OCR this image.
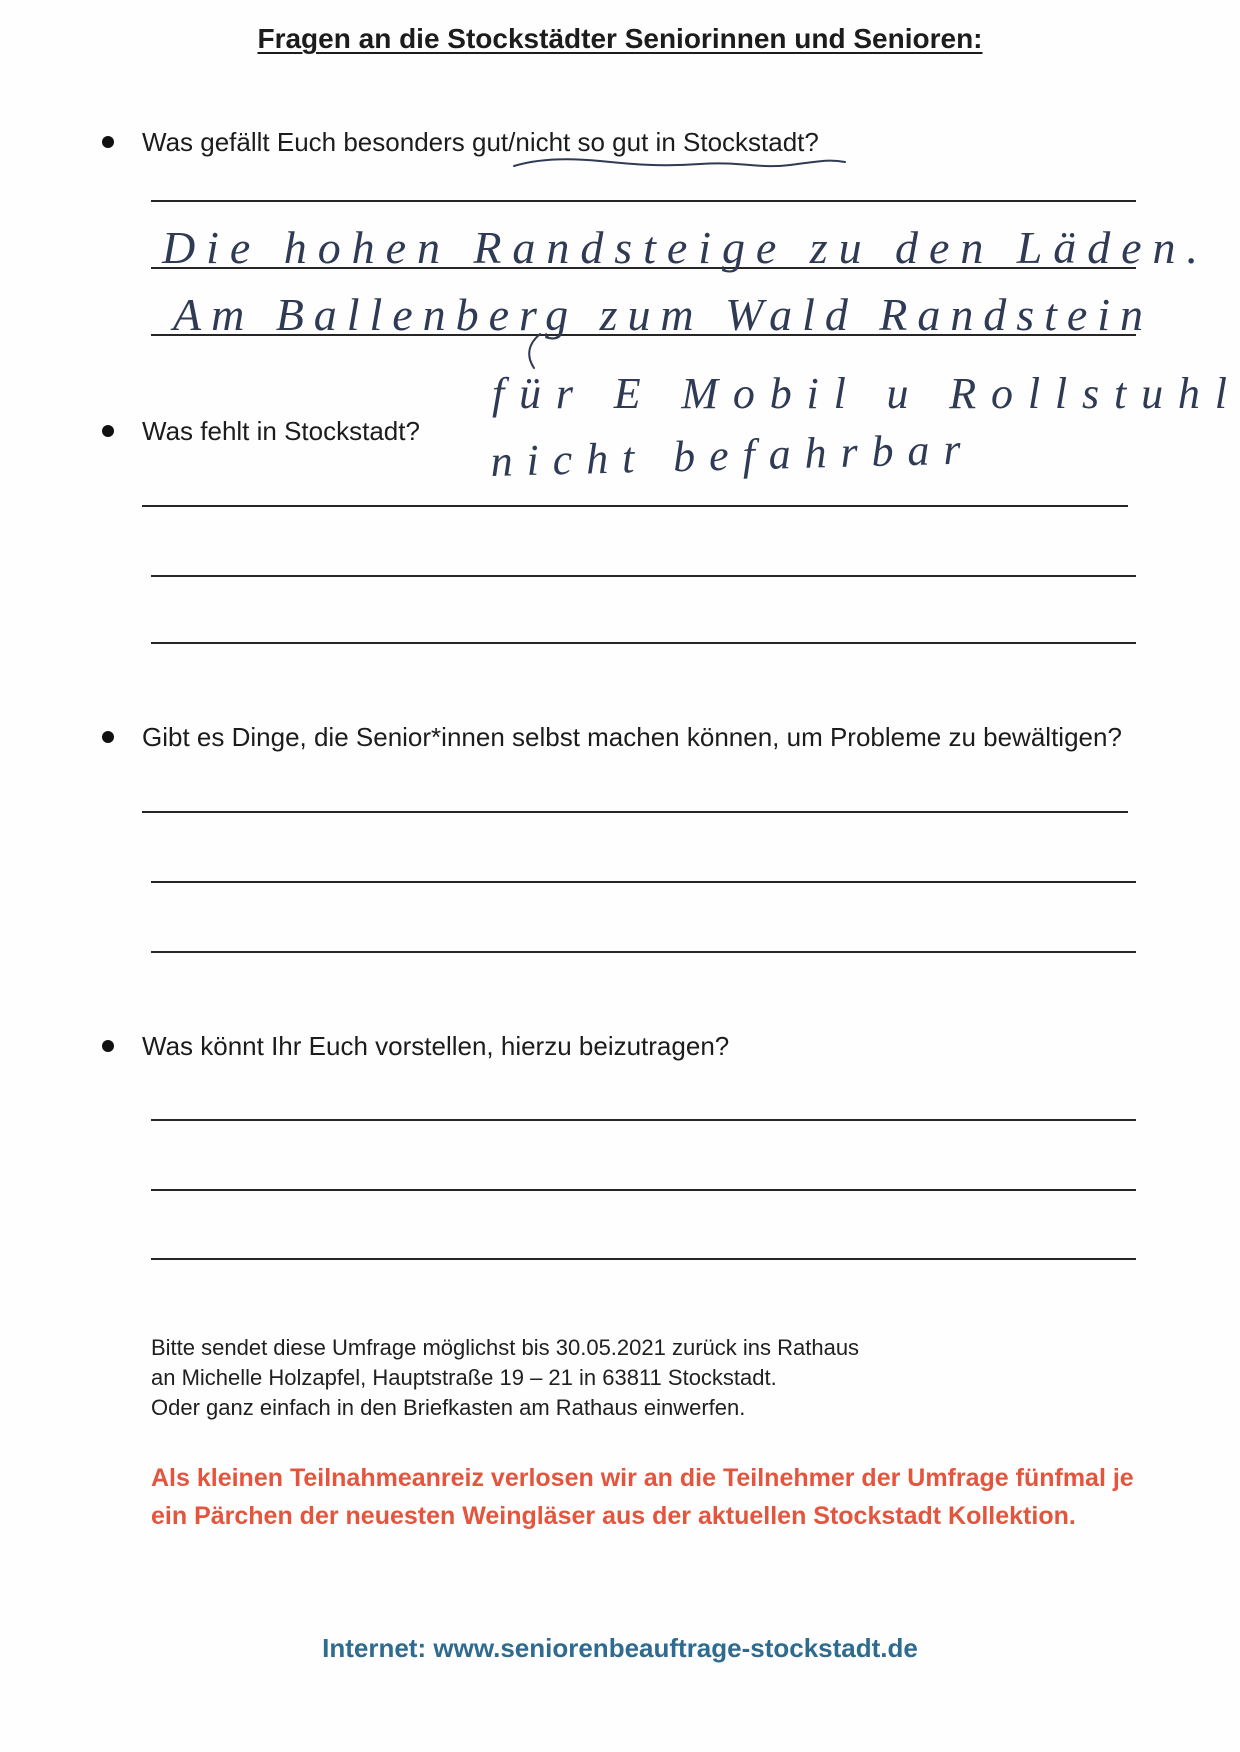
Fragen an die Stockstädter Seniorinnen und Senioren:
Was gefällt Euch besonders gut/nicht so gut in Stockstadt?
Was fehlt in Stockstadt?
Gibt es Dinge, die Senior*innen selbst machen können, um Probleme zu bewältigen?
Was könnt Ihr Euch vorstellen, hierzu beizutragen?
Bitte sendet diese Umfrage möglichst bis 30.05.2021 zurück ins Rathaus
an Michelle Holzapfel, Hauptstraße 19 – 21 in 63811 Stockstadt.
Oder ganz einfach in den Briefkasten am Rathaus einwerfen.
Als kleinen Teilnahmeanreiz verlosen wir an die Teilnehmer der Umfrage fünfmal je
ein Pärchen der neuesten Weingläser aus der aktuellen Stockstadt Kollektion.
Internet: www.seniorenbeauftrage-stockstadt.de
Die hohen Randsteige zu den Läden.
Am Ballenberg zum Wald Randstein
für E Mobil u Rollstuhl
nicht befahrbar
